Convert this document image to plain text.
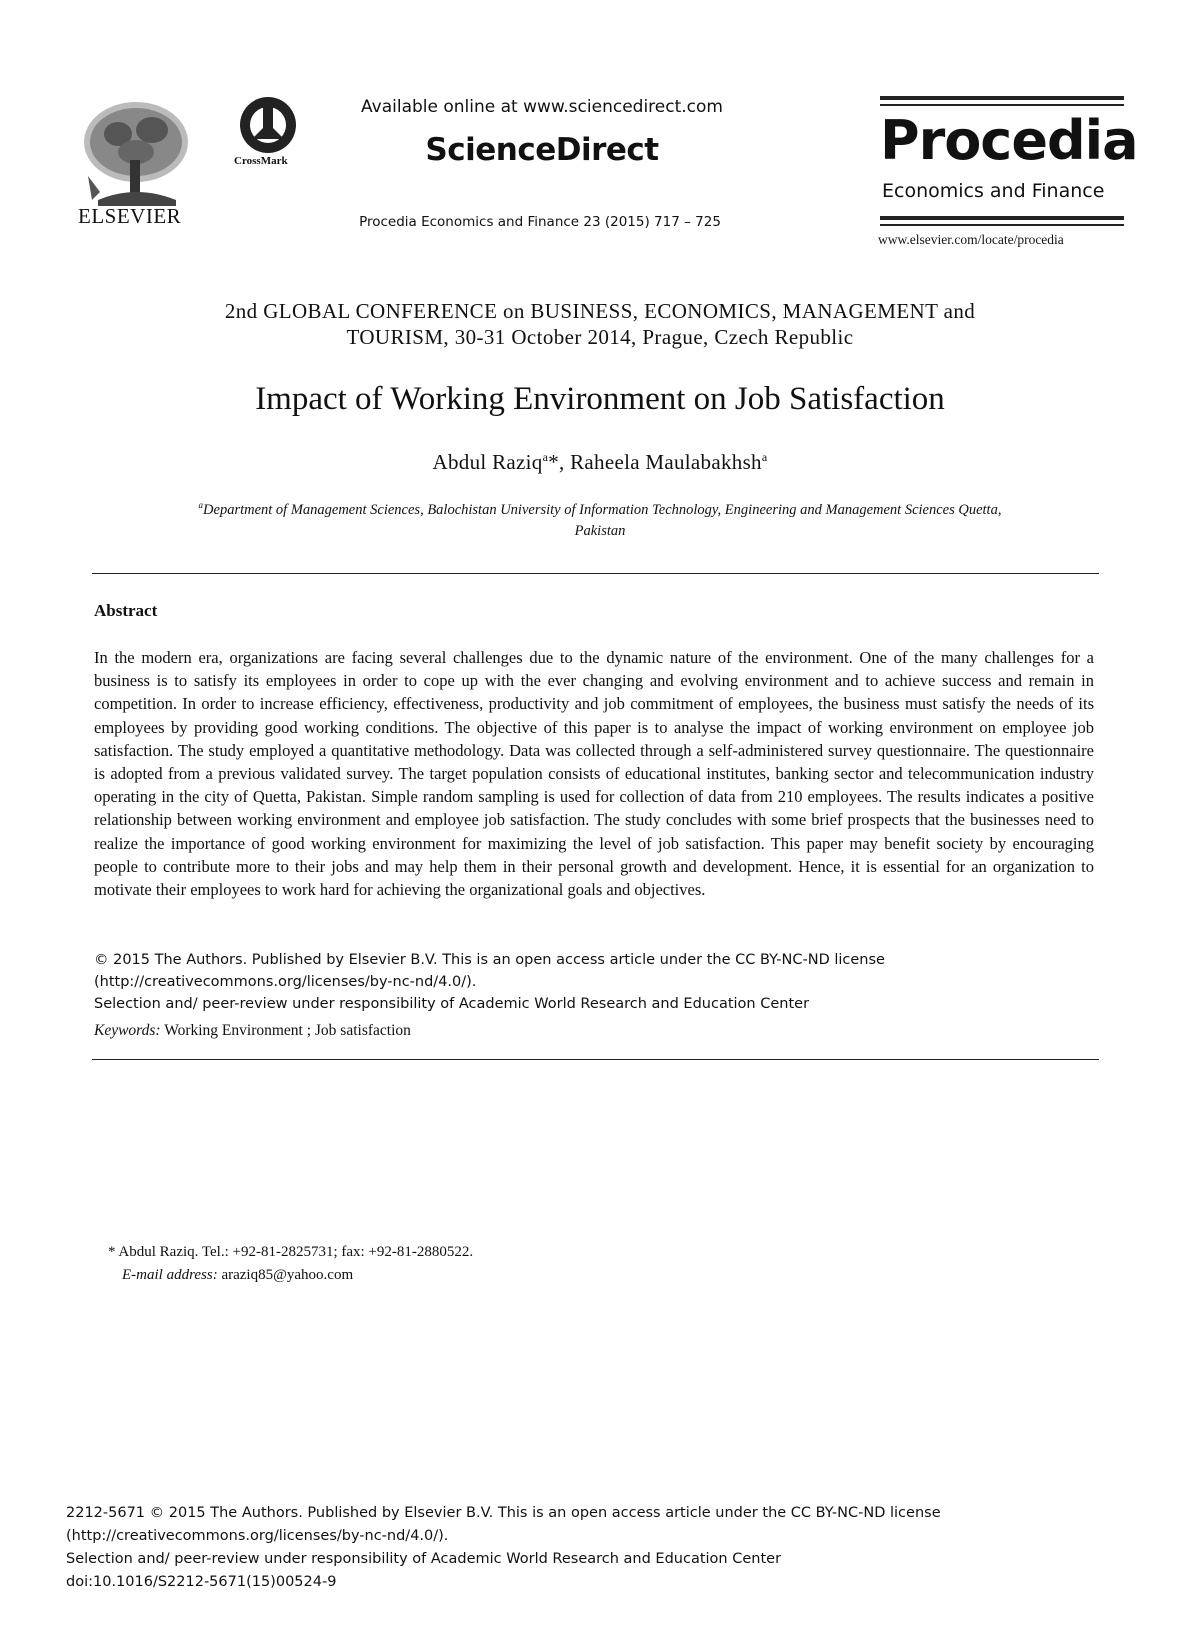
ELSEVIER
CrossMark
Available online at www.sciencedirect.com
ScienceDirect
Procedia Economics and Finance 23 (2015) 717 – 725
Procedia
Economics and Finance
www.elsevier.com/locate/procedia
2nd GLOBAL CONFERENCE on BUSINESS, ECONOMICS, MANAGEMENT and
TOURISM, 30-31 October 2014, Prague, Czech Republic
Impact of Working Environment on Job Satisfaction
Abdul Raziq$^a$*, Raheela Maulabakhsh$^a$
$^a$Department of Management Sciences, Balochistan University of Information Technology, Engineering and Management Sciences Quetta,
Pakistan
Abstract
In the modern era, organizations are facing several challenges due to the dynamic nature of the environment. One of the many challenges for a business is to satisfy its employees in order to cope up with the ever changing and evolving environment and to achieve success and remain in competition. In order to increase efficiency, effectiveness, productivity and job commitment of employees, the business must satisfy the needs of its employees by providing good working conditions. The objective of this paper is to analyse the impact of working environment on employee job satisfaction. The study employed a quantitative methodology. Data was collected through a self-administered survey questionnaire. The questionnaire is adopted from a previous validated survey. The target population consists of educational institutes, banking sector and telecommunication industry operating in the city of Quetta, Pakistan. Simple random sampling is used for collection of data from 210 employees. The results indicates a positive relationship between working environment and employee job satisfaction. The study concludes with some brief prospects that the businesses need to realize the importance of good working environment for maximizing the level of job satisfaction. This paper may benefit society by encouraging people to contribute more to their jobs and may help them in their personal growth and development. Hence, it is essential for an organization to motivate their employees to work hard for achieving the organizational goals and objectives.
© 2015 The Authors. Published by Elsevier B.V. This is an open access article under the CC BY-NC-ND license
(http://creativecommons.org/licenses/by-nc-nd/4.0/).
Selection and/ peer-review under responsibility of Academic World Research and Education Center
Keywords: Working Environment ; Job satisfaction
* Abdul Raziq. Tel.: +92-81-2825731; fax: +92-81-2880522.
E-mail address: araziq85@yahoo.com
2212-5671 © 2015 The Authors. Published by Elsevier B.V. This is an open access article under the CC BY-NC-ND license
(http://creativecommons.org/licenses/by-nc-nd/4.0/).
Selection and/ peer-review under responsibility of Academic World Research and Education Center
doi:10.1016/S2212-5671(15)00524-9
